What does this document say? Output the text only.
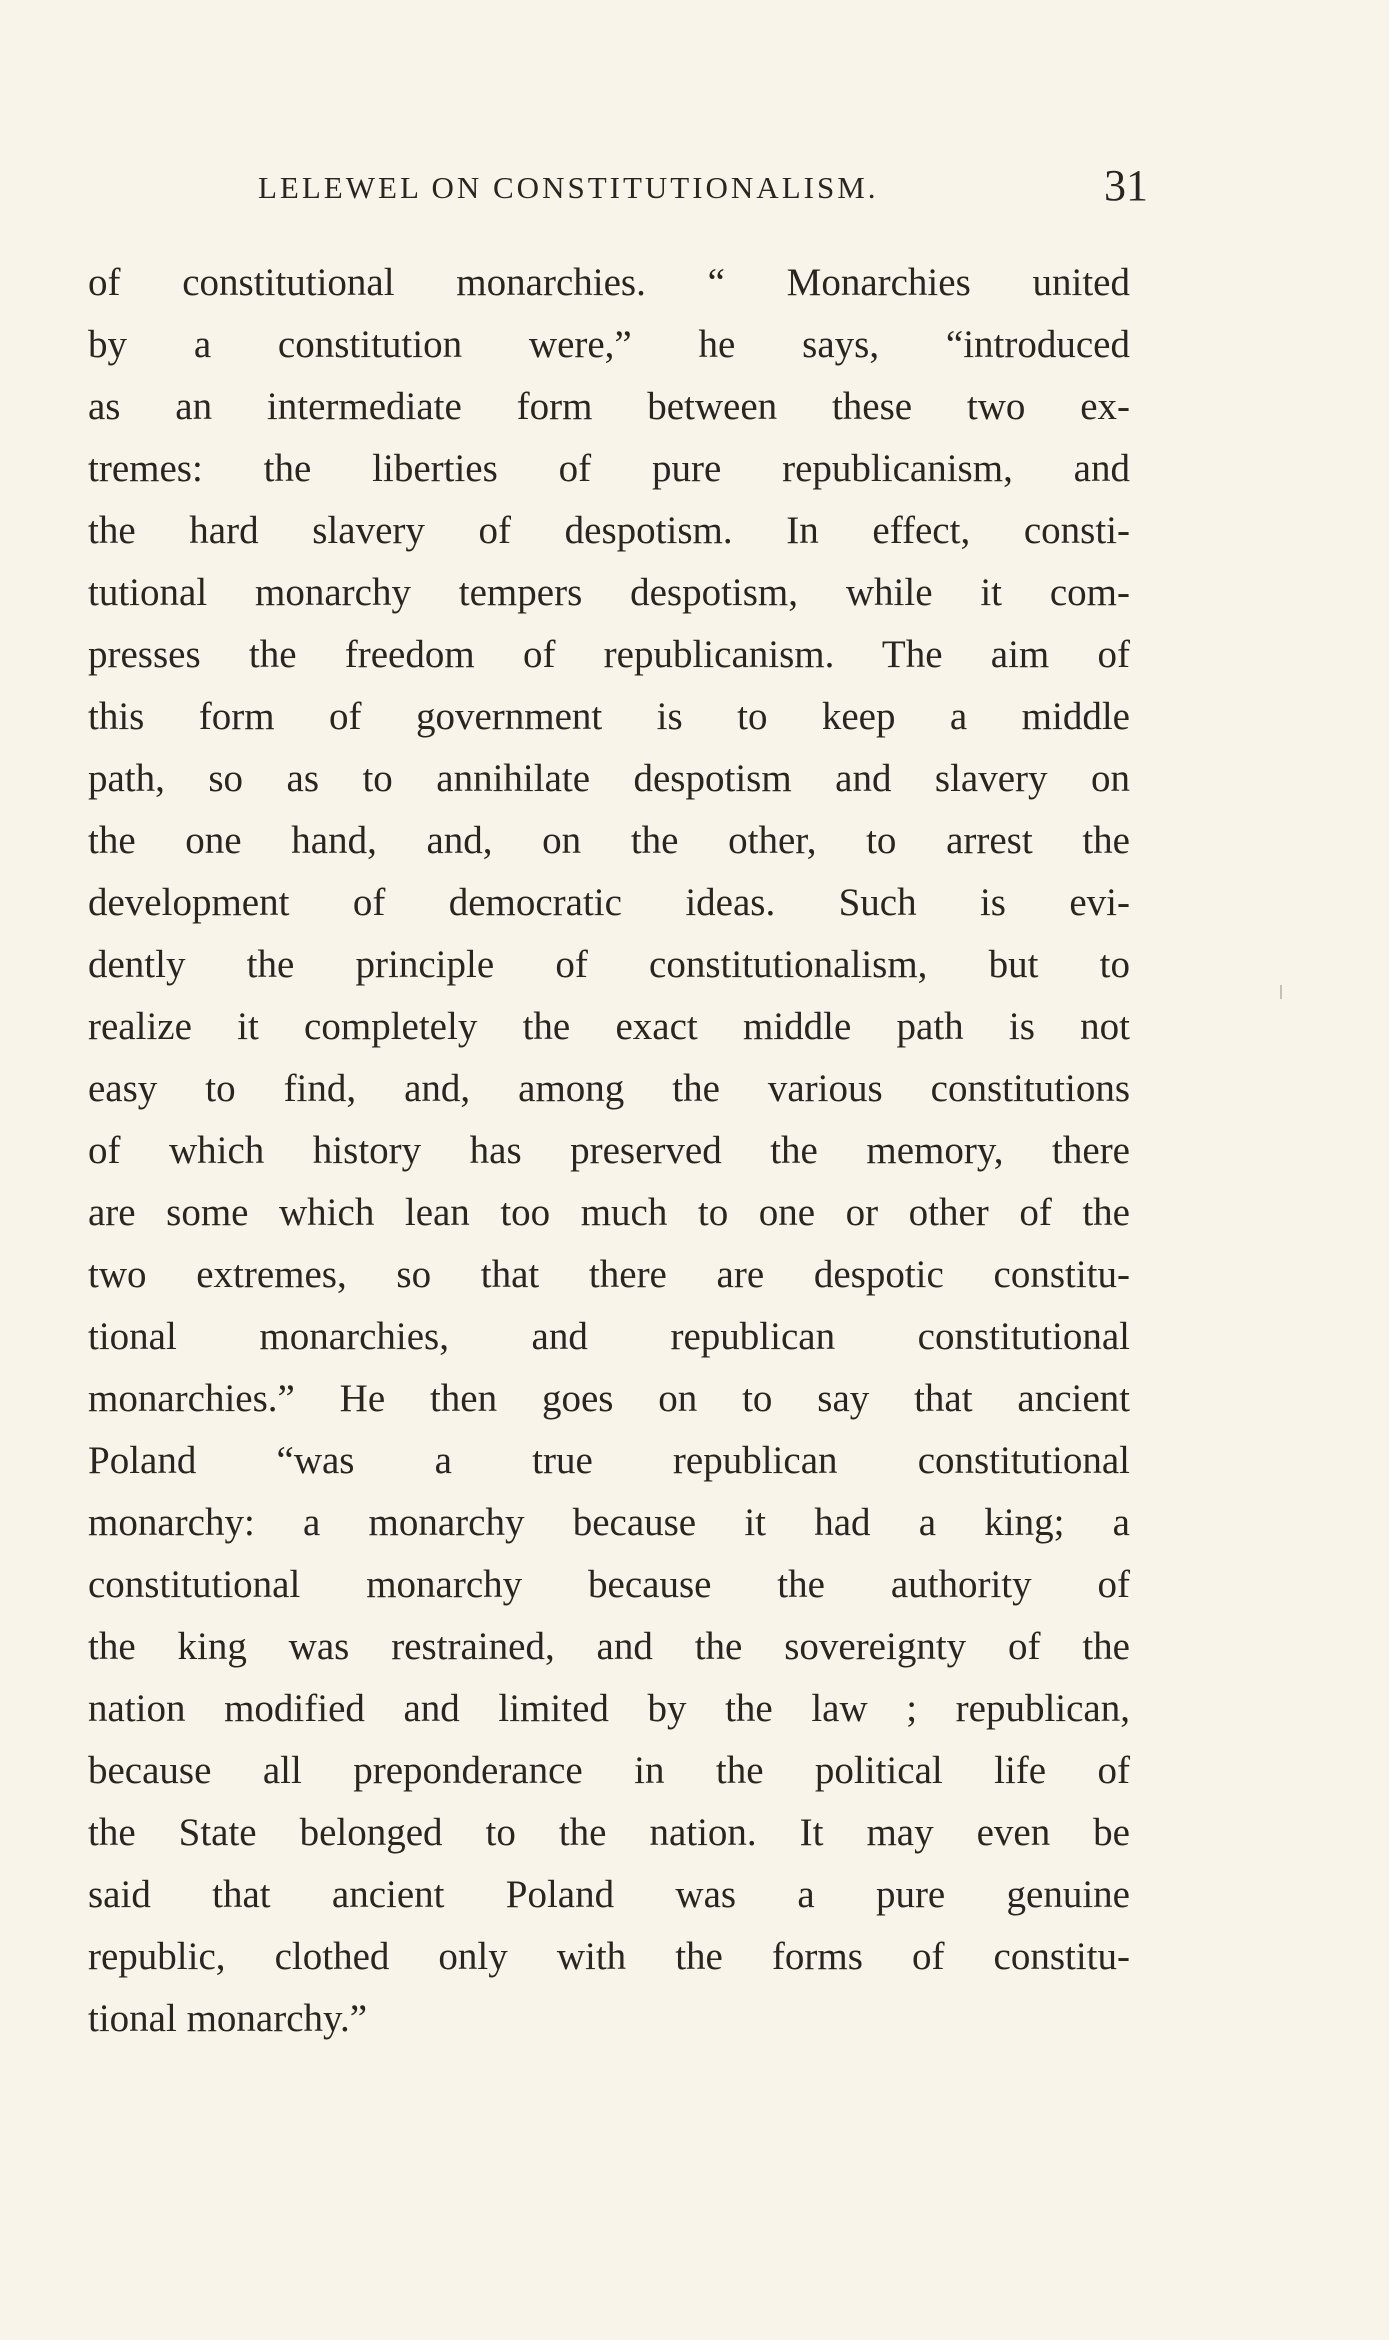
LELEWEL ON CONSTITUTIONALISM.	31
of constitutional monarchies. “ Monarchies united
by a constitution were,” he says, “introduced
as an intermediate form between these two ex-
tremes: the liberties of pure republicanism, and
the hard slavery of despotism. In effect, consti-
tutional monarchy tempers despotism, while it com-
presses the freedom of republicanism. The aim of
this form of government is to keep a middle
path, so as to annihilate despotism and slavery on
the one hand, and, on the other, to arrest the
development of democratic ideas. Such is evi-
dently the principle of constitutionalism, but to
realize it completely the exact middle path is not
easy to find, and, among the various constitutions
of which history has preserved the memory, there
are some which lean too much to one or other of the
two extremes, so that there are despotic constitu-
tional monarchies, and republican constitutional
monarchies.” He then goes on to say that ancient
Poland “was a true republican constitutional
monarchy: a monarchy because it had a king; a
constitutional monarchy because the authority of
the king was restrained, and the sovereignty of the
nation modified and limited by the law ; republican,
because all preponderance in the political life of
the State belonged to the nation. It may even be
said that ancient Poland was a pure genuine
republic, clothed only with the forms of constitu-
tional monarchy.”
